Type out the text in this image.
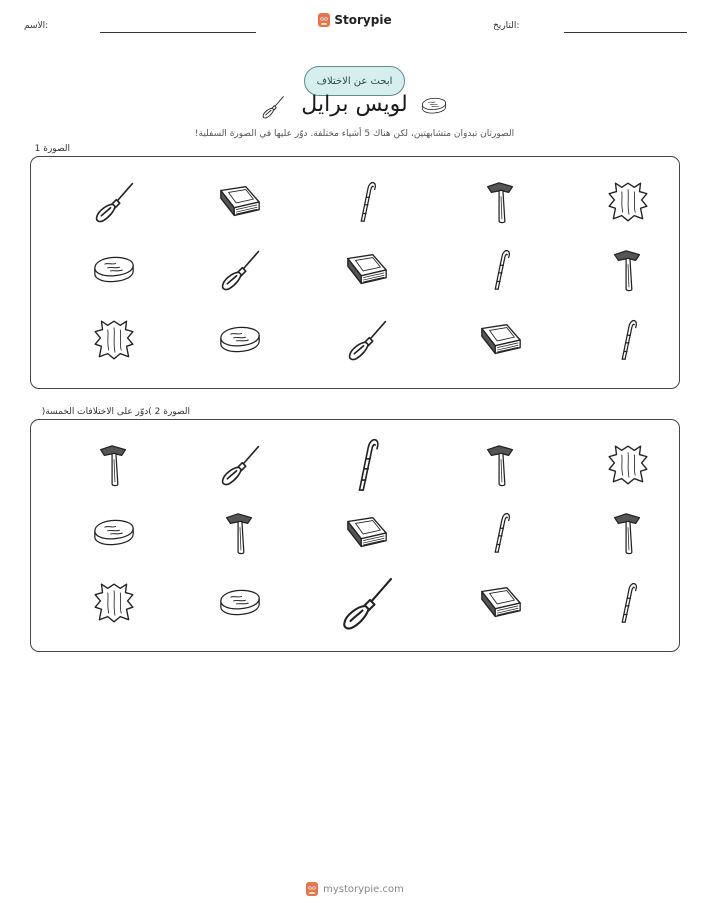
الاسم:	Storypie	التاريخ:
ابحث عن الاختلاف
لويس برايل
الصورتان تبدوان متشابهتين، لكن هناك 5 أشياء مختلفة. دوّر عليها في الصورة السفلية!
الصورة 1
الصورة 2 )دوّر على الاختلافات الخمسة(
mystorypie.com
